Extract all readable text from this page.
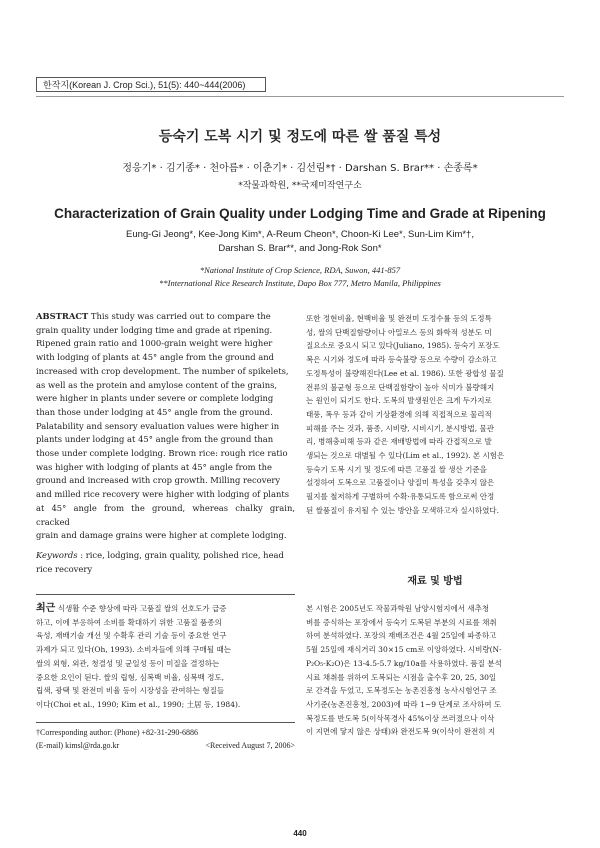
한작지(Korean J. Crop Sci.), 51(5): 440~444(2006)
등숙기 도복 시기 및 정도에 따른 쌀 품질 특성
정응기* · 김기종* · 천아름* · 이춘기* · 김선림*† · Darshan S. Brar** · 손종록*
*작물과학원, **국제미작연구소
Characterization of Grain Quality under Lodging Time and Grade at Ripening
Eung-Gi Jeong*, Kee-Jong Kim*, A-Reum Cheon*, Choon-Ki Lee*, Sun-Lim Kim*†,
Darshan S. Brar**, and Jong-Rok Son*
*National Institute of Crop Science, RDA, Suwon, 441-857
**International Rice Research Institute, Dapo Box 777, Metro Manila, Philippines
ABSTRACT This study was carried out to compare the
grain quality under lodging time and grade at ripening.
Ripened grain ratio and 1000-grain weight were higher
with lodging of plants at 45° angle from the ground and
increased with crop development. The number of spikelets,
as well as the protein and amylose content of the grains,
were higher in plants under severe or complete lodging
than those under lodging at 45° angle from the ground.
Palatability and sensory evaluation values were higher in
plants under lodging at 45° angle from the ground than
those under complete lodging. Brown rice: rough rice ratio
was higher with lodging of plants at 45° angle from the
ground and increased with crop growth. Milling recovery
and milled rice recovery were higher with lodging of plants
at 45° angle from the ground, whereas chalky grain, cracked
grain and damage grains were higher at complete lodging.
Keywords : rice, lodging, grain quality, polished rice, head
rice recovery
최근 식생활 수준 향상에 따라 고품질 쌀의 선호도가 급증
하고, 이에 부응하여 소비를 확대하기 위한 고품질 품종의
육성, 재배기술 개선 및 수확후 관리 기술 등이 중요한 연구
과제가 되고 있다(Oh, 1993). 소비자들에 의해 구매될 때는
쌀의 외형, 외관, 청결성 및 균일성 등이 미질을 결정하는
중요한 요인이 된다. 쌀의 립형, 심복백 비율, 심복백 정도,
립색, 광택 및 완전미 비율 등이 시장성을 관여하는 형질들
이다(Choi et al., 1990; Kim et al., 1990; 土居 등, 1984).
†Corresponding author: (Phone) +82-31-290-6886
(E-mail) kimsl@rda.go.kr	<Received August 7, 2006>
또한 정현비율, 현백비율 및 완전미 도정수률 등의 도정특
성, 쌀의 단백질함량이나 아밀로스 등의 화학적 성분도 미
질요소로 중요시 되고 있다(Juliano, 1985). 등숙기 포장도
복은 시기와 정도에 따라 등숙불량 등으로 수량이 감소하고
도정특성이 불량해진다(Lee et al. 1986). 또한 광합성 물질
전류의 불균형 등으로 단백질함량이 높아 식미가 불량해지
는 원인이 되기도 한다. 도복의 발생원인은 크게 두가지로
태풍, 폭우 등과 같이 기상환경에 의해 직접적으로 물리적
피해를 주는 것과, 품종, 시비량, 시비시기, 분시방법, 물관
리, 병해충피해 등과 같은 재배방법에 따라 간접적으로 발
생되는 것으로 대별될 수 있다(Lim et al., 1992). 본 시험은
등숙기 도복 시기 및 정도에 따른 고품질 쌀 생산 기준을
설정하여 도복으로 고품질이나 양질미 특성을 갖추지 않은
필지를 철저하게 구별하여 수확·유통되도록 함으로써 안정
된 쌀품질이 유지될 수 있는 방안을 모색하고자 실시하였다.
재료 및 방법
본 시험은 2005년도 작물과학원 남양시험지에서 새추청
벼를 증식하는 포장에서 등숙기 도복된 부분의 시료를 채취
하여 분석하였다. 포장의 재배조건은 4월 25일에 파종하고
5월 25일에 재식거리 30×15 cm로 이앙하였다. 시비량(N-
P₂O₅-K₂O)은 13-4.5-5.7 kg/10a를 사용하였다. 품질 분석
시료 채취를 위하여 도복되는 시점을 출수후 20, 25, 30일
로 간격을 두었고, 도복정도는 농촌진흥청 농사시험연구 조
사기준(농촌진흥청, 2003)에 따라 1~9 단계로 조사하여 도
복정도를 반도복 5(이삭목경사 45%이상 쓰러졌으나 이삭
이 지면에 닿지 않은 상태)와 완전도복 9(이삭이 완전히 지
440
